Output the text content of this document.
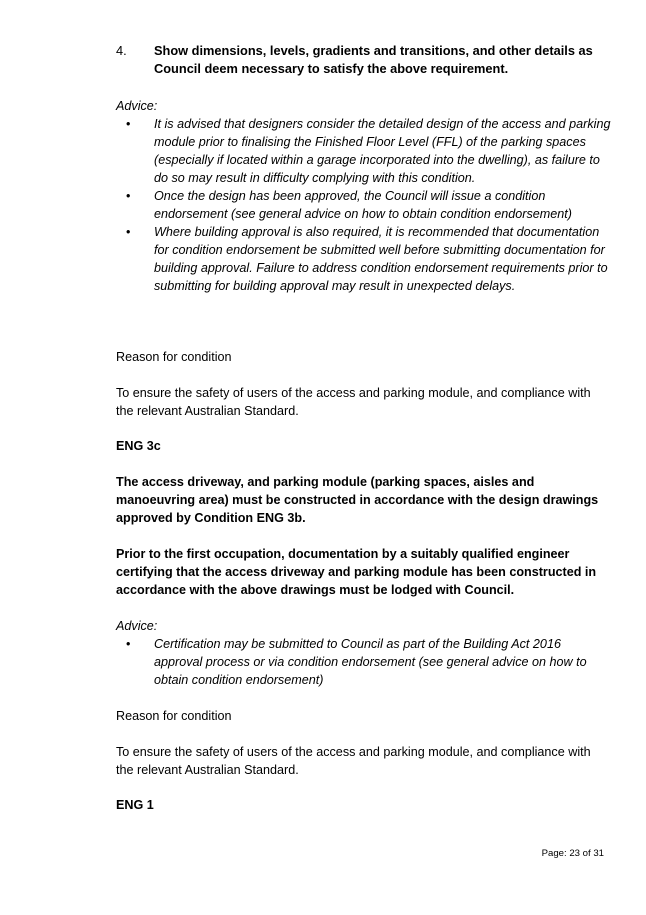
4.	Show dimensions, levels, gradients and transitions, and other details as Council deem necessary to satisfy the above requirement.
Advice:
• It is advised that designers consider the detailed design of the access and parking module prior to finalising the Finished Floor Level (FFL) of the parking spaces (especially if located within a garage incorporated into the dwelling), as failure to do so may result in difficulty complying with this condition.
• Once the design has been approved, the Council will issue a condition endorsement (see general advice on how to obtain condition endorsement)
• Where building approval is also required, it is recommended that documentation for condition endorsement be submitted well before submitting documentation for building approval. Failure to address condition endorsement requirements prior to submitting for building approval may result in unexpected delays.
Reason for condition
To ensure the safety of users of the access and parking module, and compliance with the relevant Australian Standard.
ENG 3c
The access driveway, and parking module (parking spaces, aisles and manoeuvring area) must be constructed in accordance with the design drawings approved by Condition ENG 3b.
Prior to the first occupation, documentation by a suitably qualified engineer certifying that the access driveway and parking module has been constructed in accordance with the above drawings must be lodged with Council.
Advice:
• Certification may be submitted to Council as part of the Building Act 2016 approval process or via condition endorsement (see general advice on how to obtain condition endorsement)
Reason for condition
To ensure the safety of users of the access and parking module, and compliance with the relevant Australian Standard.
ENG 1
Page: 23 of 31
